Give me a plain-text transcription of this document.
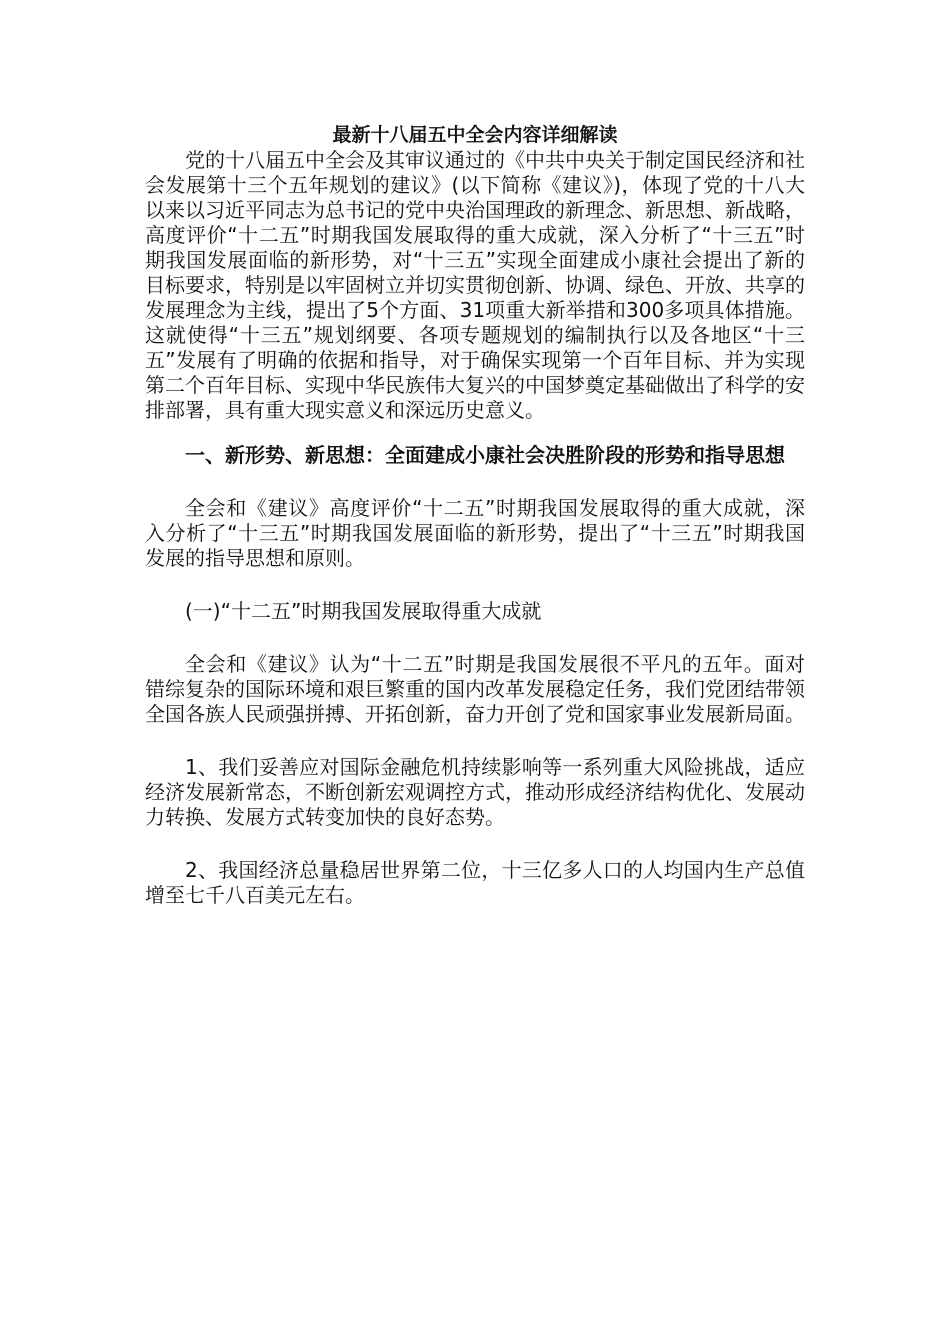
最新十八届五中全会内容详细解读

党的十八届五中全会及其审议通过的《中共中央关于制定国民经济和社会发展第十三个五年规划的建议》(以下简称《建议》)，体现了党的十八大以来以习近平同志为总书记的党中央治国理政的新理念、新思想、新战略，高度评价“十二五”时期我国发展取得的重大成就，深入分析了“十三五”时期我国发展面临的新形势，对“十三五”实现全面建成小康社会提出了新的目标要求，特别是以牢固树立并切实贯彻创新、协调、绿色、开放、共享的发展理念为主线，提出了5个方面、31项重大新举措和300多项具体措施。这就使得“十三五”规划纲要、各项专题规划的编制执行以及各地区“十三五”发展有了明确的依据和指导，对于确保实现第一个百年目标、并为实现第二个百年目标、实现中华民族伟大复兴的中国梦奠定基础做出了科学的安排部署，具有重大现实意义和深远历史意义。

一、新形势、新思想：全面建成小康社会决胜阶段的形势和指导思想

全会和《建议》高度评价“十二五”时期我国发展取得的重大成就，深入分析了“十三五”时期我国发展面临的新形势，提出了“十三五”时期我国发展的指导思想和原则。

(一)“十二五”时期我国发展取得重大成就

全会和《建议》认为“十二五”时期是我国发展很不平凡的五年。面对错综复杂的国际环境和艰巨繁重的国内改革发展稳定任务，我们党团结带领全国各族人民顽强拼搏、开拓创新，奋力开创了党和国家事业发展新局面。

1、我们妥善应对国际金融危机持续影响等一系列重大风险挑战，适应经济发展新常态，不断创新宏观调控方式，推动形成经济结构优化、发展动力转换、发展方式转变加快的良好态势。

2、我国经济总量稳居世界第二位，十三亿多人口的人均国内生产总值增至七千八百美元左右。
